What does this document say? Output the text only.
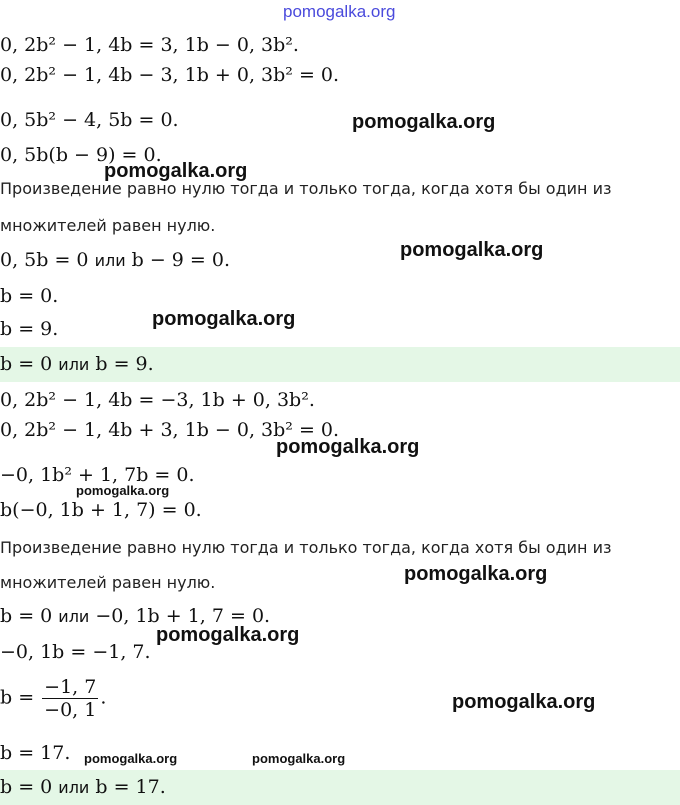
pomogalka.org
0, 2b² − 1, 4b = 3, 1b − 0, 3b².
0, 2b² − 1, 4b − 3, 1b + 0, 3b² = 0.
0, 5b² − 4, 5b = 0.
0, 5b(b − 9) = 0.
Произведение равно нулю тогда и только тогда, когда хотя бы один из
множителей равен нулю.
0, 5b = 0 или b − 9 = 0.
b = 0.
b = 9.
b = 0 или b = 9.
0, 2b² − 1, 4b = −3, 1b + 0, 3b².
0, 2b² − 1, 4b + 3, 1b − 0, 3b² = 0.
−0, 1b² + 1, 7b = 0.
b(−0, 1b + 1, 7) = 0.
Произведение равно нулю тогда и только тогда, когда хотя бы один из
множителей равен нулю.
b = 0 или −0, 1b + 1, 7 = 0.
−0, 1b = −1, 7.
$b = \frac{-1, 7}{-0, 1}$ .
b = 17.
b = 0 или b = 17.
pomogalka.org
pomogalka.org
pomogalka.org
pomogalka.org
pomogalka.org
pomogalka.org
pomogalka.org
pomogalka.org
pomogalka.org
pomogalka.org	pomogalka.org
